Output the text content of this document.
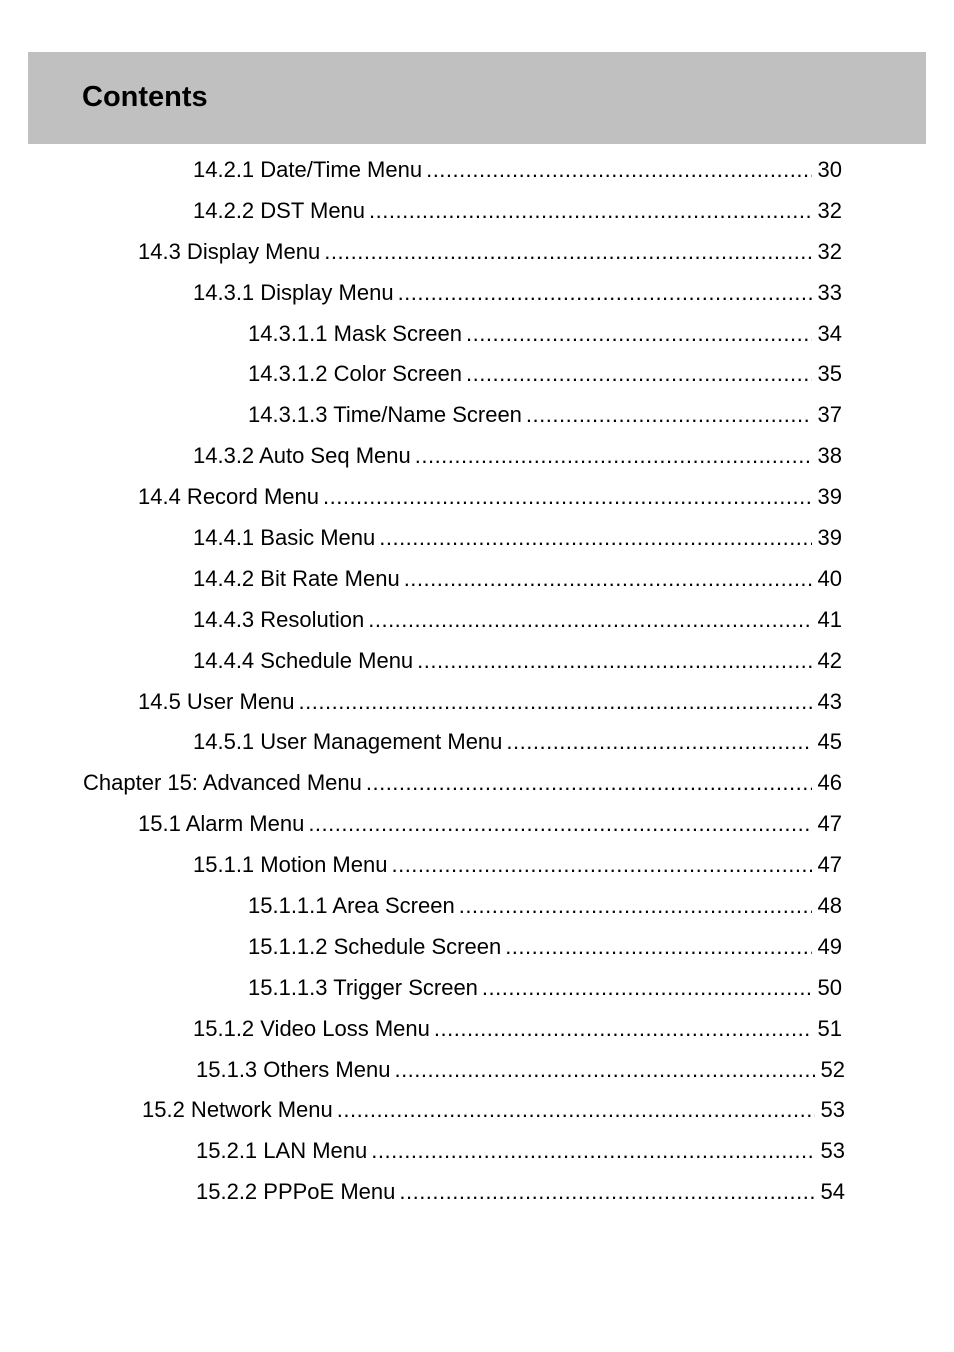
Contents
14.2.1 Date/Time Menu .....	30
14.2.2 DST Menu .....	32
14.3 Display Menu .....	32
14.3.1 Display Menu .....	33
14.3.1.1 Mask Screen .....	34
14.3.1.2 Color Screen .....	35
14.3.1.3 Time/Name Screen .....	37
14.3.2 Auto Seq Menu .....	38
14.4 Record Menu .....	39
14.4.1 Basic Menu .....	39
14.4.2 Bit Rate Menu .....	40
14.4.3 Resolution .....	41
14.4.4 Schedule Menu .....	42
14.5 User Menu .....	43
14.5.1 User Management Menu .....	45
Chapter 15: Advanced Menu .....	46
15.1 Alarm Menu .....	47
15.1.1 Motion Menu .....	47
15.1.1.1 Area Screen .....	48
15.1.1.2 Schedule Screen .....	49
15.1.1.3 Trigger Screen .....	50
15.1.2 Video Loss Menu .....	51
15.1.3 Others Menu .....	52
15.2 Network Menu .....	53
15.2.1 LAN Menu .....	53
15.2.2 PPPoE Menu .....	54
